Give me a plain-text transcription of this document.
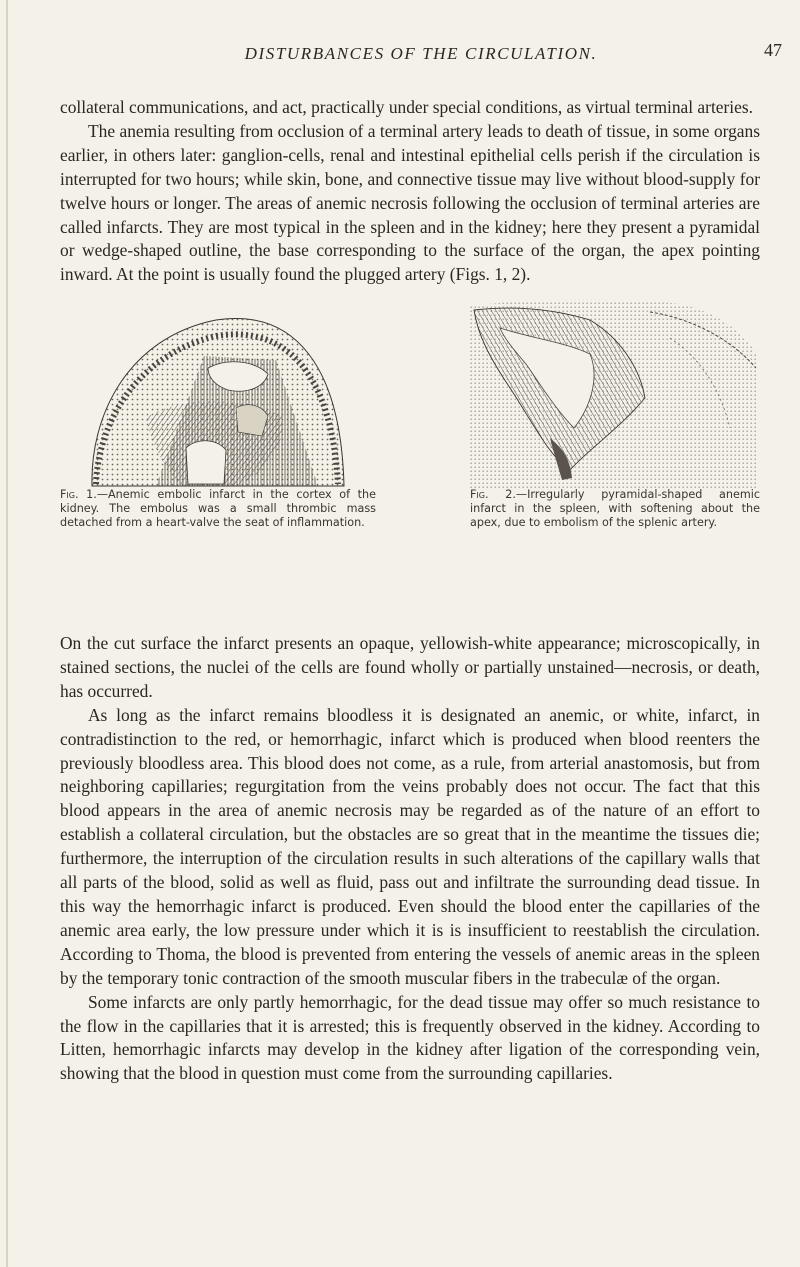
DISTURBANCES OF THE CIRCULATION.	47

collateral communications, and act, practically under special conditions, as virtual terminal arteries.

The anemia resulting from occlusion of a terminal artery leads to death of tissue, in some organs earlier, in others later: ganglion-cells, renal and intestinal epithelial cells perish if the circulation is interrupted for two hours; while skin, bone, and connective tissue may live without blood-supply for twelve hours or longer. The areas of anemic necrosis following the occlusion of terminal arteries are called infarcts. They are most typical in the spleen and in the kidney; here they present a pyramidal or wedge-shaped outline, the base corresponding to the surface of the organ, the apex pointing inward. At the point is usually found the plugged artery (Figs. 1, 2).

Fig. 1.—Anemic embolic infarct in the cortex of the kidney. The embolus was a small thrombic mass detached from a heart-valve the seat of inflammation.
Fig. 2.—Irregularly pyramidal-shaped anemic infarct in the spleen, with softening about the apex, due to embolism of the splenic artery.

On the cut surface the infarct presents an opaque, yellowish-white appearance; microscopically, in stained sections, the nuclei of the cells are found wholly or partially unstained—necrosis, or death, has occurred.

As long as the infarct remains bloodless it is designated an anemic, or white, infarct, in contradistinction to the red, or hemorrhagic, infarct which is produced when blood reenters the previously bloodless area. This blood does not come, as a rule, from arterial anastomosis, but from neighboring capillaries; regurgitation from the veins probably does not occur. The fact that this blood appears in the area of anemic necrosis may be regarded as of the nature of an effort to establish a collateral circulation, but the obstacles are so great that in the meantime the tissues die; furthermore, the interruption of the circulation results in such alterations of the capillary walls that all parts of the blood, solid as well as fluid, pass out and infiltrate the surrounding dead tissue. In this way the hemorrhagic infarct is produced. Even should the blood enter the capillaries of the anemic area early, the low pressure under which it is is insufficient to reestablish the circulation. According to Thoma, the blood is prevented from entering the vessels of anemic areas in the spleen by the temporary tonic contraction of the smooth muscular fibers in the trabeculæ of the organ.

Some infarcts are only partly hemorrhagic, for the dead tissue may offer so much resistance to the flow in the capillaries that it is arrested; this is frequently observed in the kidney. According to Litten, hemorrhagic infarcts may develop in the kidney after ligation of the corresponding vein, showing that the blood in question must come from the surrounding capillaries.
